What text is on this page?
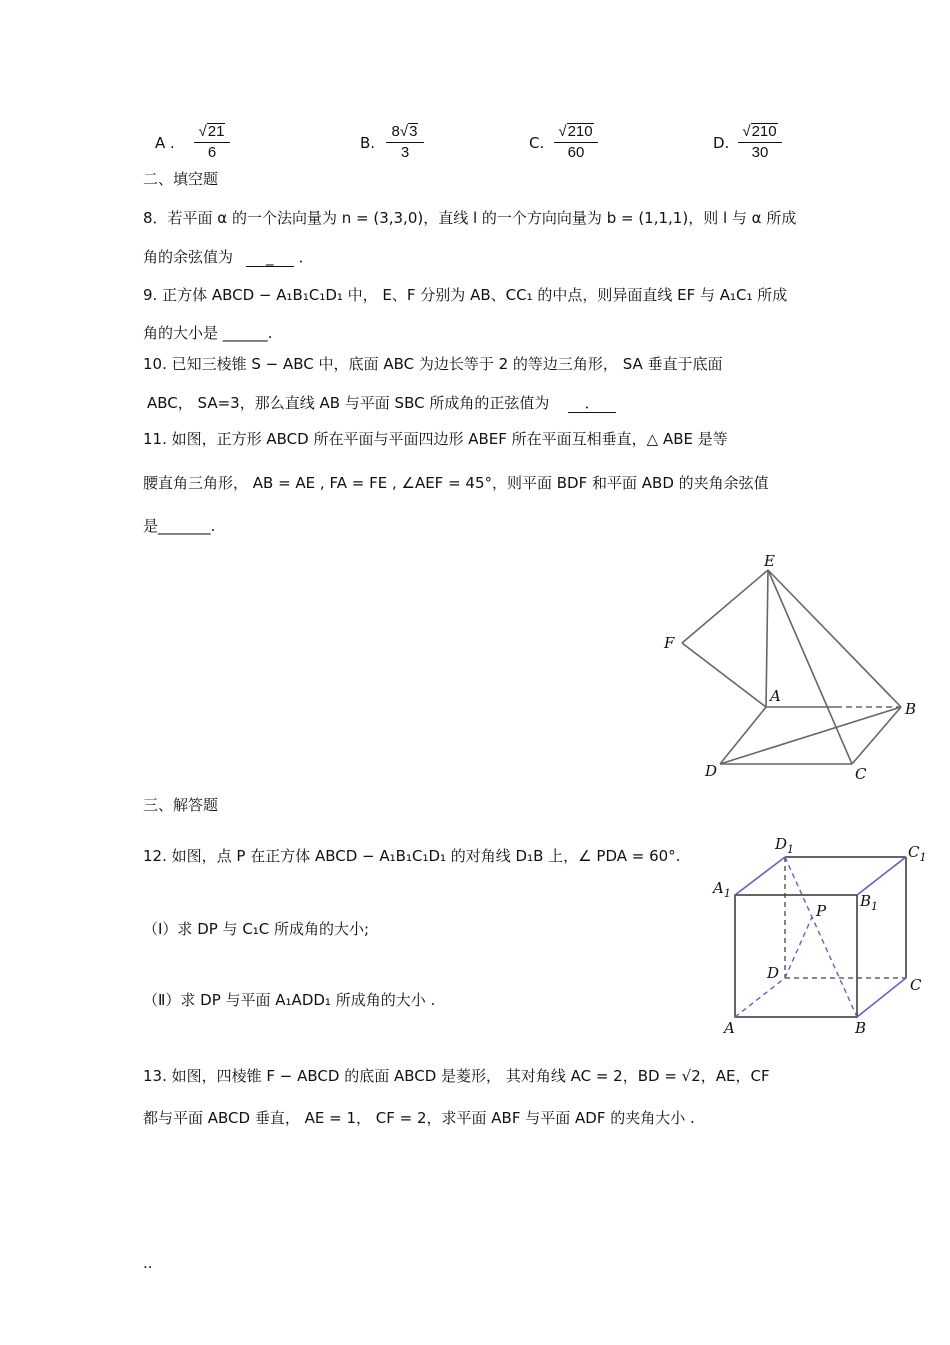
A . $\frac{√21}{6}$	B. $\frac{8√3}{3}$	C. $\frac{√210}{60}$	D. $\frac{√210}{30}$
二、填空题
8．若平面 α 的一个法向量为 n = (3,3,0)，直线 l 的一个方向向量为 b = (1,1,1)，则 l 与 α 所成
角的余弦值为 _ ．
9. 正方体 ABCD − A₁B₁C₁D₁ 中， E、F 分别为 AB、CC₁ 的中点，则异面直线 EF 与 A₁C₁ 所成
角的大小是 ______.
10. 已知三棱锥 S − ABC 中，底面 ABC 为边长等于 2 的等边三角形， SA 垂直于底面
ABC， SA=3，那么直线 AB 与平面 SBC 所成角的正弦值为 ．
11. 如图，正方形 ABCD 所在平面与平面四边形 ABEF 所在平面互相垂直，△ ABE 是等
腰直角三角形， AB = AE , FA = FE , ∠AEF = 45°，则平面 BDF 和平面 ABD 的夹角余弦值
是_______.
E
F
A
B
C
D
三、解答题
12. 如图，点 P 在正方体 ABCD − A₁B₁C₁D₁ 的对角线 D₁B 上，∠ PDA = 60°.
（Ⅰ）求 DP 与 C₁C 所成角的大小;
（Ⅱ）求 DP 与平面 A₁ADD₁ 所成角的大小 .
$D_1$	$C_1$
$A_1$	$B_1$
P
D
C
A	B
13. 如图，四棱锥 F − ABCD 的底面 ABCD 是菱形， 其对角线 AC = 2，BD = √2，AE，CF
都与平面 ABCD 垂直， AE = 1， CF = 2，求平面 ABF 与平面 ADF 的夹角大小 .
..
